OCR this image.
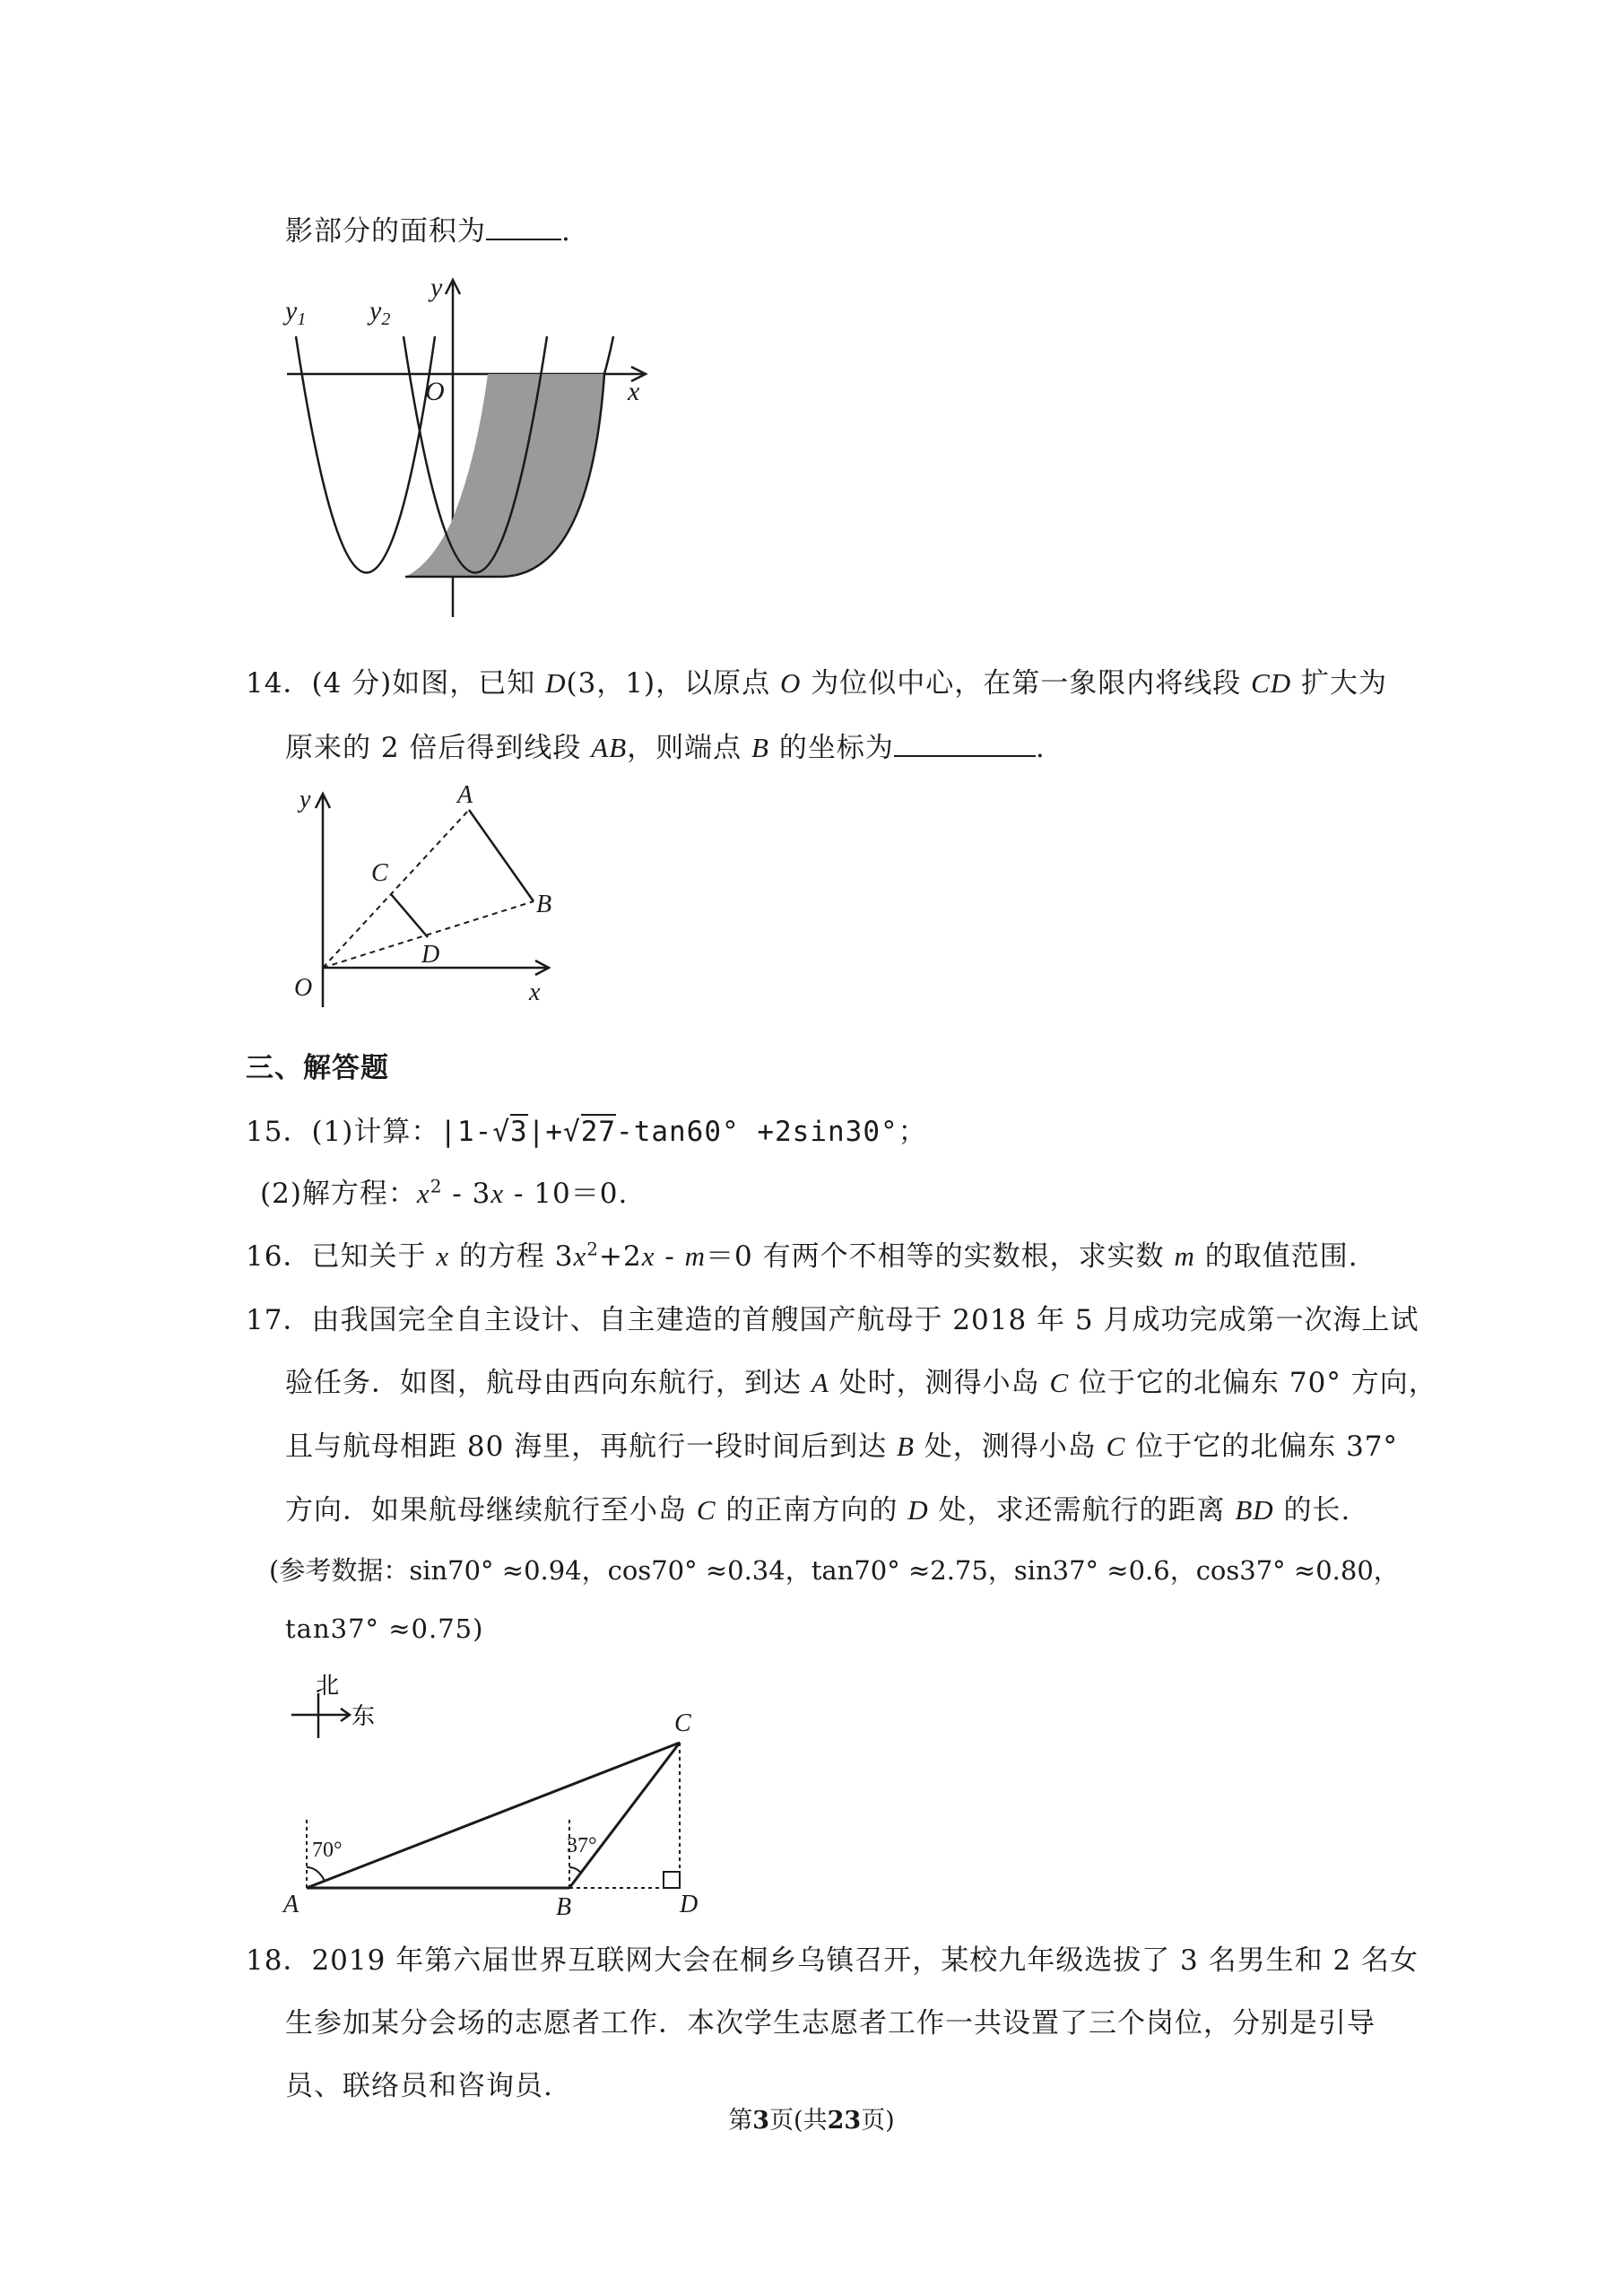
影部分的面积为	.
$y_1$ $y_2$
y
x
O
14．(4 分)如图，已知 D(3，1)，以原点 O 为位似中心，在第一象限内将线段 CD 扩大为
原来的 2 倍后得到线段 AB，则端点 B 的坐标为	.
y
x
O
A
B
C
D
三、解答题
15．(1)计算：|1-√3|+√27-tan60° +2sin30°；
(2)解方程：$x^2 - 3x - 10=0$.
16．已知关于 x 的方程 $3x^2+2x - m=0$ 有两个不相等的实数根，求实数 m 的取值范围.
17．由我国完全自主设计、自主建造的首艘国产航母于 2018 年 5 月成功完成第一次海上试
验任务．如图，航母由西向东航行，到达 A 处时，测得小岛 C 位于它的北偏东 70° 方向，
且与航母相距 80 海里，再航行一段时间后到达 B 处，测得小岛 C 位于它的北偏东 37°
方向．如果航母继续航行至小岛 C 的正南方向的 D 处，求还需航行的距离 BD 的长.
(参考数据：sin70° ≈0.94，cos70° ≈0.34，tan70° ≈2.75，sin37° ≈0.6，cos37° ≈0.80，
tan37° ≈0.75)
北
东
70°	37°
A	B
C
D
18．2019 年第六届世界互联网大会在桐乡乌镇召开，某校九年级选拔了 3 名男生和 2 名女
生参加某分会场的志愿者工作．本次学生志愿者工作一共设置了三个岗位，分别是引导
员、联络员和咨询员.
第3页(共23页)
